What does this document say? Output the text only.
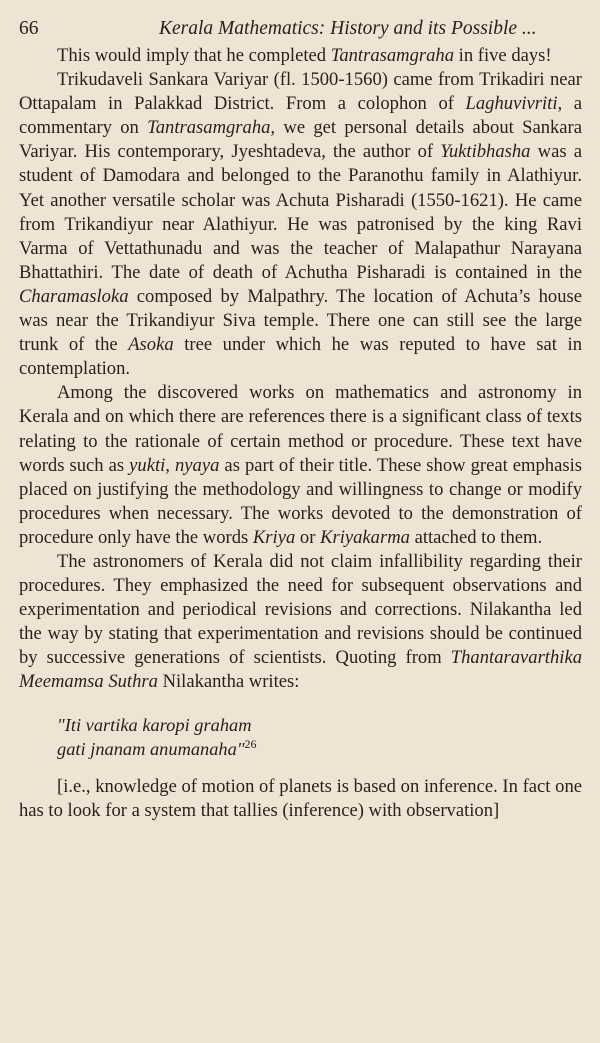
66	Kerala Mathematics: History and its Possible ...

This would imply that he completed Tantrasamgraha in five days!

Trikudaveli Sankara Variyar (fl. 1500-1560) came from Trikadiri near Ottapalam in Palakkad District. From a colophon of Laghuvivriti, a commentary on Tantrasamgraha, we get personal details about Sankara Variyar. His contemporary, Jyeshtadeva, the author of Yuktibhasha was a student of Damodara and belonged to the Paranothu family in Alathiyur. Yet another versatile scholar was Achuta Pisharadi (1550-1621). He came from Trikandiyur near Alathiyur. He was patronised by the king Ravi Varma of Vettathunadu and was the teacher of Malapathur Narayana Bhattathiri. The date of death of Achutha Pisharadi is contained in the Charamasloka composed by Malpathry. The location of Achuta’s house was near the Trikandiyur Siva temple. There one can still see the large trunk of the Asoka tree under which he was reputed to have sat in contemplation.

Among the discovered works on mathematics and astronomy in Kerala and on which there are references there is a significant class of texts relating to the rationale of certain method or procedure. These text have words such as yukti, nyaya as part of their title. These show great emphasis placed on justifying the methodology and willingness to change or modify procedures when necessary. The works devoted to the demonstration of procedure only have the words Kriya or Kriyakarma attached to them.

The astronomers of Kerala did not claim infallibility regarding their procedures. They emphasized the need for subsequent observations and experimentation and periodical revisions and corrections. Nilakantha led the way by stating that experimentation and revisions should be continued by successive generations of scientists. Quoting from Thantaravarthika Meemamsa Suthra Nilakantha writes:

"Iti vartika karopi graham
gati jnanam anumanaha"$^{26}$

[i.e., knowledge of motion of planets is based on inference. In fact one has to look for a system that tallies (inference) with observation]
